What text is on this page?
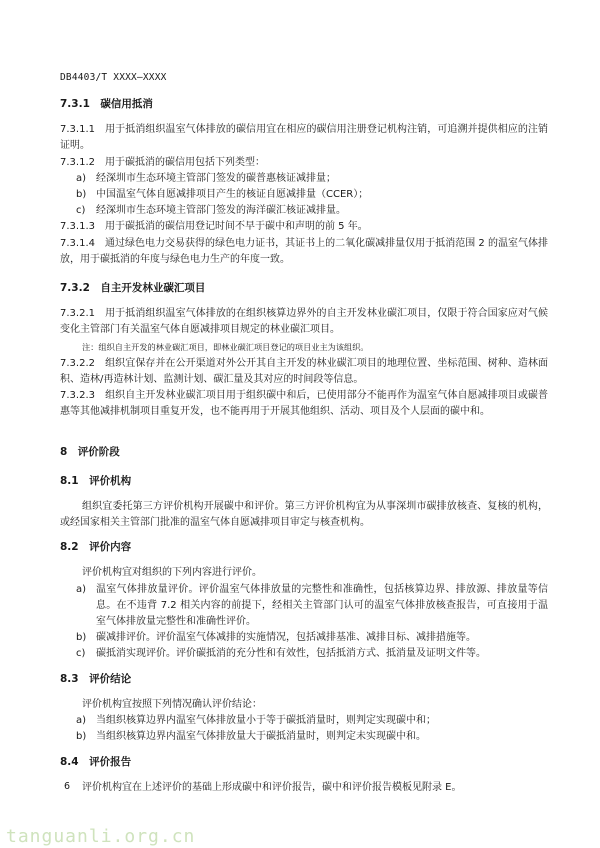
DB4403/T XXXX—XXXX
7.3.1　碳信用抵消

7.3.1.1　用于抵消组织温室气体排放的碳信用宜在相应的碳信用注册登记机构注销，可追溯并提供相应的注销证明。

7.3.1.2　用于碳抵消的碳信用包括下列类型：

a) 经深圳市生态环境主管部门签发的碳普惠核证减排量；
b) 中国温室气体自愿减排项目产生的核证自愿减排量（CCER）；
c)	经深圳市生态环境主管部门签发的海洋碳汇核证减排量。

7.3.1.3　用于碳抵消的碳信用登记时间不早于碳中和声明的前 5 年。

7.3.1.4　通过绿色电力交易获得的绿色电力证书，其证书上的二氧化碳减排量仅用于抵消范围 2 的温室气体排放，用于碳抵消的年度与绿色电力生产的年度一致。

7.3.2　自主开发林业碳汇项目

7.3.2.1　用于抵消组织温室气体排放的在组织核算边界外的自主开发林业碳汇项目，仅限于符合国家应对气候变化主管部门有关温室气体自愿减排项目规定的林业碳汇项目。

注：组织自主开发的林业碳汇项目，即林业碳汇项目登记的项目业主为该组织。

7.3.2.2　组织宜保存并在公开渠道对外公开其自主开发的林业碳汇项目的地理位置、坐标范围、树种、造林面积、造林/再造林计划、监测计划、碳汇量及其对应的时间段等信息。

7.3.2.3　组织自主开发林业碳汇项目用于组织碳中和后，已使用部分不能再作为温室气体自愿减排项目或碳普惠等其他减排机制项目重复开发，也不能再用于开展其他组织、活动、项目及个人层面的碳中和。

8　评价阶段
8.1　评价机构

组织宜委托第三方评价机构开展碳中和评价。第三方评价机构宜为从事深圳市碳排放核查、复核的机构，或经国家相关主管部门批准的温室气体自愿减排项目审定与核查机构。

8.2　评价内容

评价机构宜对组织的下列内容进行评价。

a) 温室气体排放量评价。评价温室气体排放量的完整性和准确性，包括核算边界、排放源、排放量等信息。在不违背 7.2 相关内容的前提下，经相关主管部门认可的温室气体排放核查报告，可直接用于温室气体排放量完整性和准确性评价。
b) 碳减排评价。评价温室气体减排的实施情况，包括减排基准、减排目标、减排措施等。
c)	碳抵消实现评价。评价碳抵消的充分性和有效性，包括抵消方式、抵消量及证明文件等。
8.3　评价结论

评价机构宜按照下列情况确认评价结论：

a) 当组织核算边界内温室气体排放量小于等于碳抵消量时，则判定实现碳中和；
b) 当组织核算边界内温室气体排放量大于碳抵消量时，则判定未实现碳中和。
8.4　评价报告

评价机构宜在上述评价的基础上形成碳中和评价报告，碳中和评价报告模板见附录 E。

6
tanguanli.org.cn
